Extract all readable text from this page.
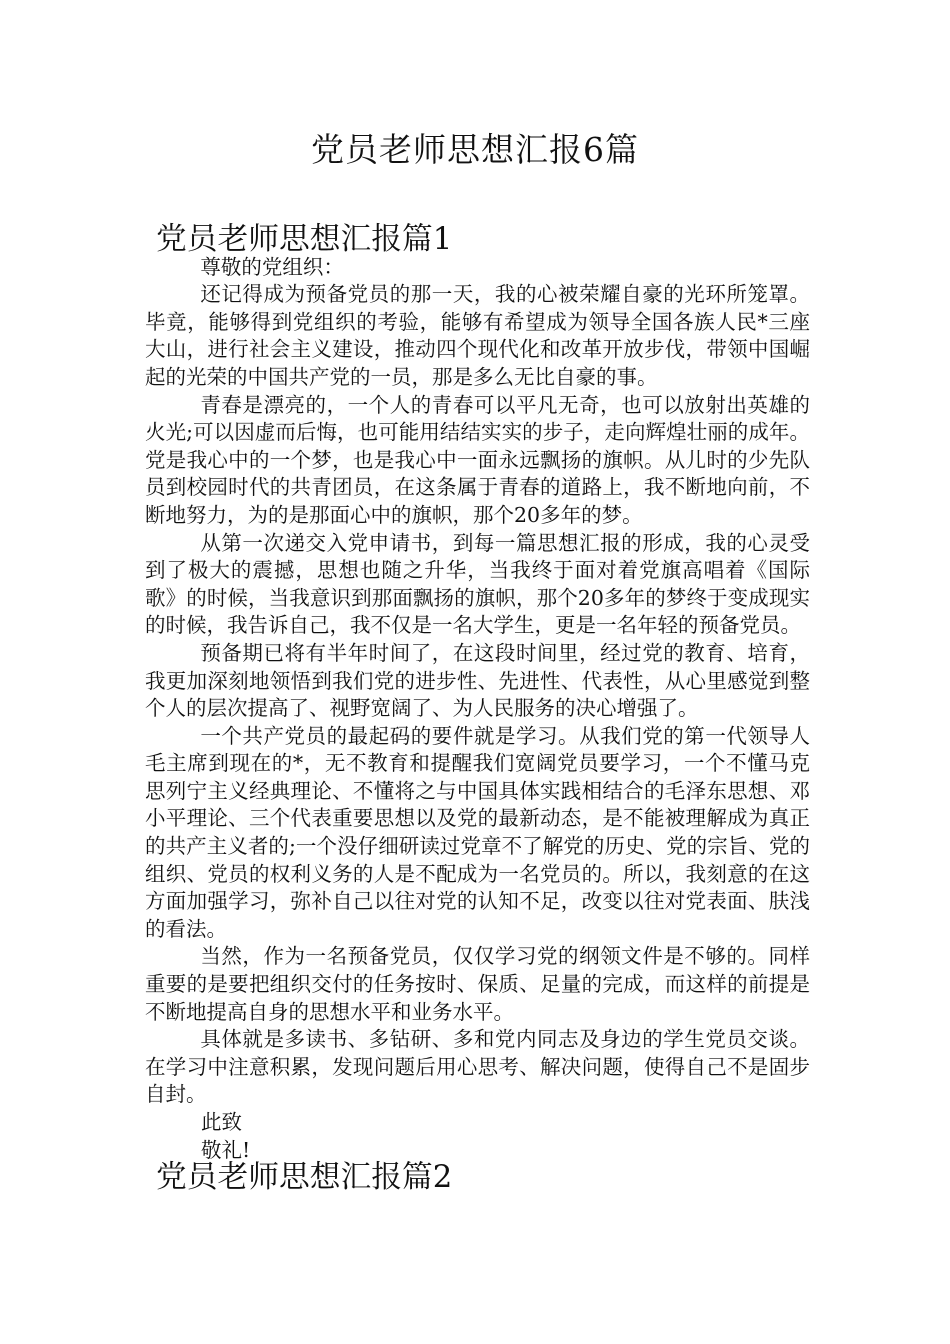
党员老师思想汇报6篇
党员老师思想汇报篇1

尊敬的党组织：

还记得成为预备党员的那一天，我的心被荣耀自豪的光环所笼罩。毕竟，能够得到党组织的考验，能够有希望成为领导全国各族人民*三座大山，进行社会主义建设，推动四个现代化和改革开放步伐，带领中国崛起的光荣的中国共产党的一员，那是多么无比自豪的事。

青春是漂亮的，一个人的青春可以平凡无奇，也可以放射出英雄的火光;可以因虚而后悔，也可能用结结实实的步子，走向辉煌壮丽的成年。党是我心中的一个梦，也是我心中一面永远飘扬的旗帜。从儿时的少先队员到校园时代的共青团员，在这条属于青春的道路上，我不断地向前，不断地努力，为的是那面心中的旗帜，那个20多年的梦。

从第一次递交入党申请书，到每一篇思想汇报的形成，我的心灵受到了极大的震撼，思想也随之升华，当我终于面对着党旗高唱着《国际歌》的时候，当我意识到那面飘扬的旗帜，那个20多年的梦终于变成现实的时候，我告诉自己，我不仅是一名大学生，更是一名年轻的预备党员。

预备期已将有半年时间了，在这段时间里，经过党的教育、培育，我更加深刻地领悟到我们党的进步性、先进性、代表性，从心里感觉到整个人的层次提高了、视野宽阔了、为人民服务的决心增强了。

一个共产党员的最起码的要件就是学习。从我们党的第一代领导人毛主席到现在的*，无不教育和提醒我们宽阔党员要学习，一个不懂马克思列宁主义经典理论、不懂将之与中国具体实践相结合的毛泽东思想、邓小平理论、三个代表重要思想以及党的最新动态，是不能被理解成为真正的共产主义者的;一个没仔细研读过党章不了解党的历史、党的宗旨、党的组织、党员的权利义务的人是不配成为一名党员的。所以，我刻意的在这方面加强学习，弥补自己以往对党的认知不足，改变以往对党表面、肤浅的看法。

当然，作为一名预备党员，仅仅学习党的纲领文件是不够的。同样重要的是要把组织交付的任务按时、保质、足量的完成，而这样的前提是不断地提高自身的思想水平和业务水平。

具体就是多读书、多钻研、多和党内同志及身边的学生党员交谈。在学习中注意积累，发现问题后用心思考、解决问题，使得自己不是固步自封。

此致

敬礼!

党员老师思想汇报篇2
